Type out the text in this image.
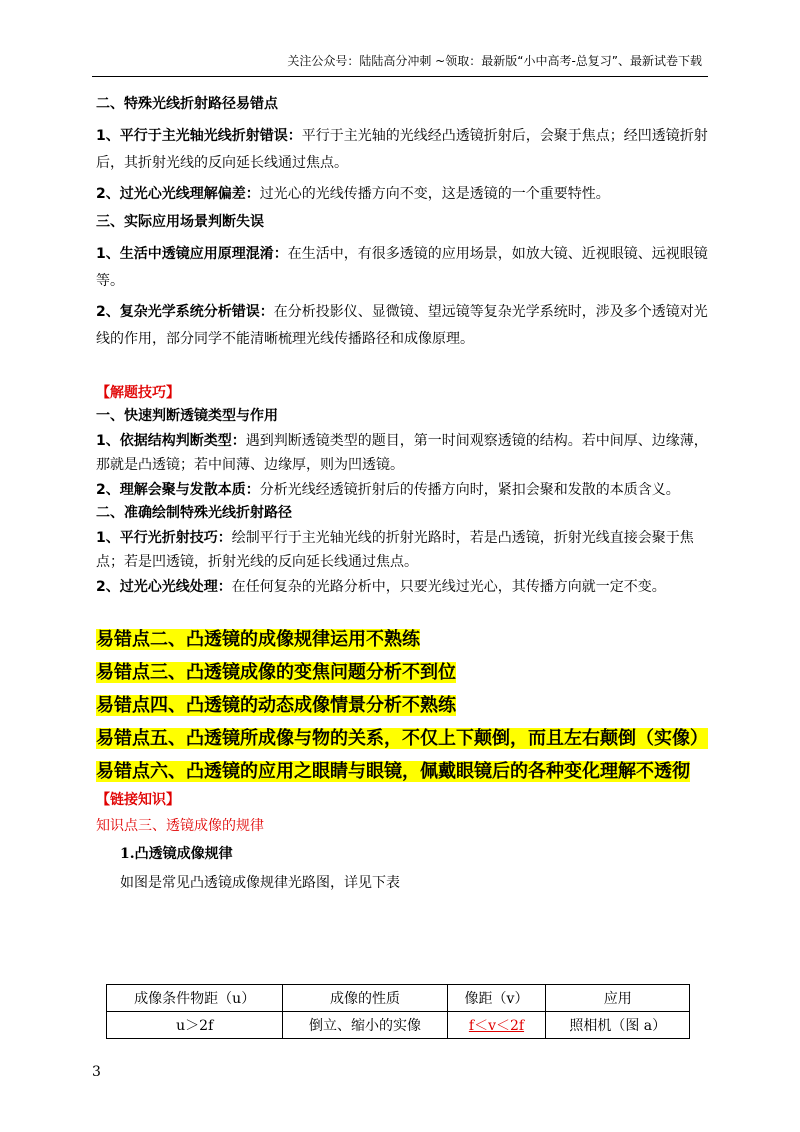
关注公众号：陆陆高分冲刺 ~领取：最新版“小中高考-总复习”、最新试卷下载
二、特殊光线折射路径易错点
1、平行于主光轴光线折射错误：平行于主光轴的光线经凸透镜折射后，会聚于焦点；经凹透镜折射后，其折射光线的反向延长线通过焦点。
2、过光心光线理解偏差：过光心的光线传播方向不变，这是透镜的一个重要特性。
三、实际应用场景判断失误
1、生活中透镜应用原理混淆：在生活中，有很多透镜的应用场景，如放大镜、近视眼镜、远视眼镜等。
2、复杂光学系统分析错误：在分析投影仪、显微镜、望远镜等复杂光学系统时，涉及多个透镜对光线的作用，部分同学不能清晰梳理光线传播路径和成像原理。
【解题技巧】
一、快速判断透镜类型与作用
1、依据结构判断类型：遇到判断透镜类型的题目，第一时间观察透镜的结构。若中间厚、边缘薄，那就是凸透镜；若中间薄、边缘厚，则为凹透镜。
2、理解会聚与发散本质：分析光线经透镜折射后的传播方向时，紧扣会聚和发散的本质含义。
二、准确绘制特殊光线折射路径
1、平行光折射技巧：绘制平行于主光轴光线的折射光路时，若是凸透镜，折射光线直接会聚于焦点；若是凹透镜，折射光线的反向延长线通过焦点。
2、过光心光线处理：在任何复杂的光路分析中，只要光线过光心，其传播方向就一定不变。
易错点二、凸透镜的成像规律运用不熟练
易错点三、凸透镜成像的变焦问题分析不到位
易错点四、凸透镜的动态成像情景分析不熟练
易错点五、凸透镜所成像与物的关系，不仅上下颠倒，而且左右颠倒（实像）
易错点六、凸透镜的应用之眼睛与眼镜，佩戴眼镜后的各种变化理解不透彻
【链接知识】
知识点三、透镜成像的规律
1.凸透镜成像规律
如图是常见凸透镜成像规律光路图，详见下表
成像条件物距（u）	成像的性质	像距（v）	应用
u＞2f	倒立、缩小的实像	f＜v＜2f	照相机（图 a）
3
